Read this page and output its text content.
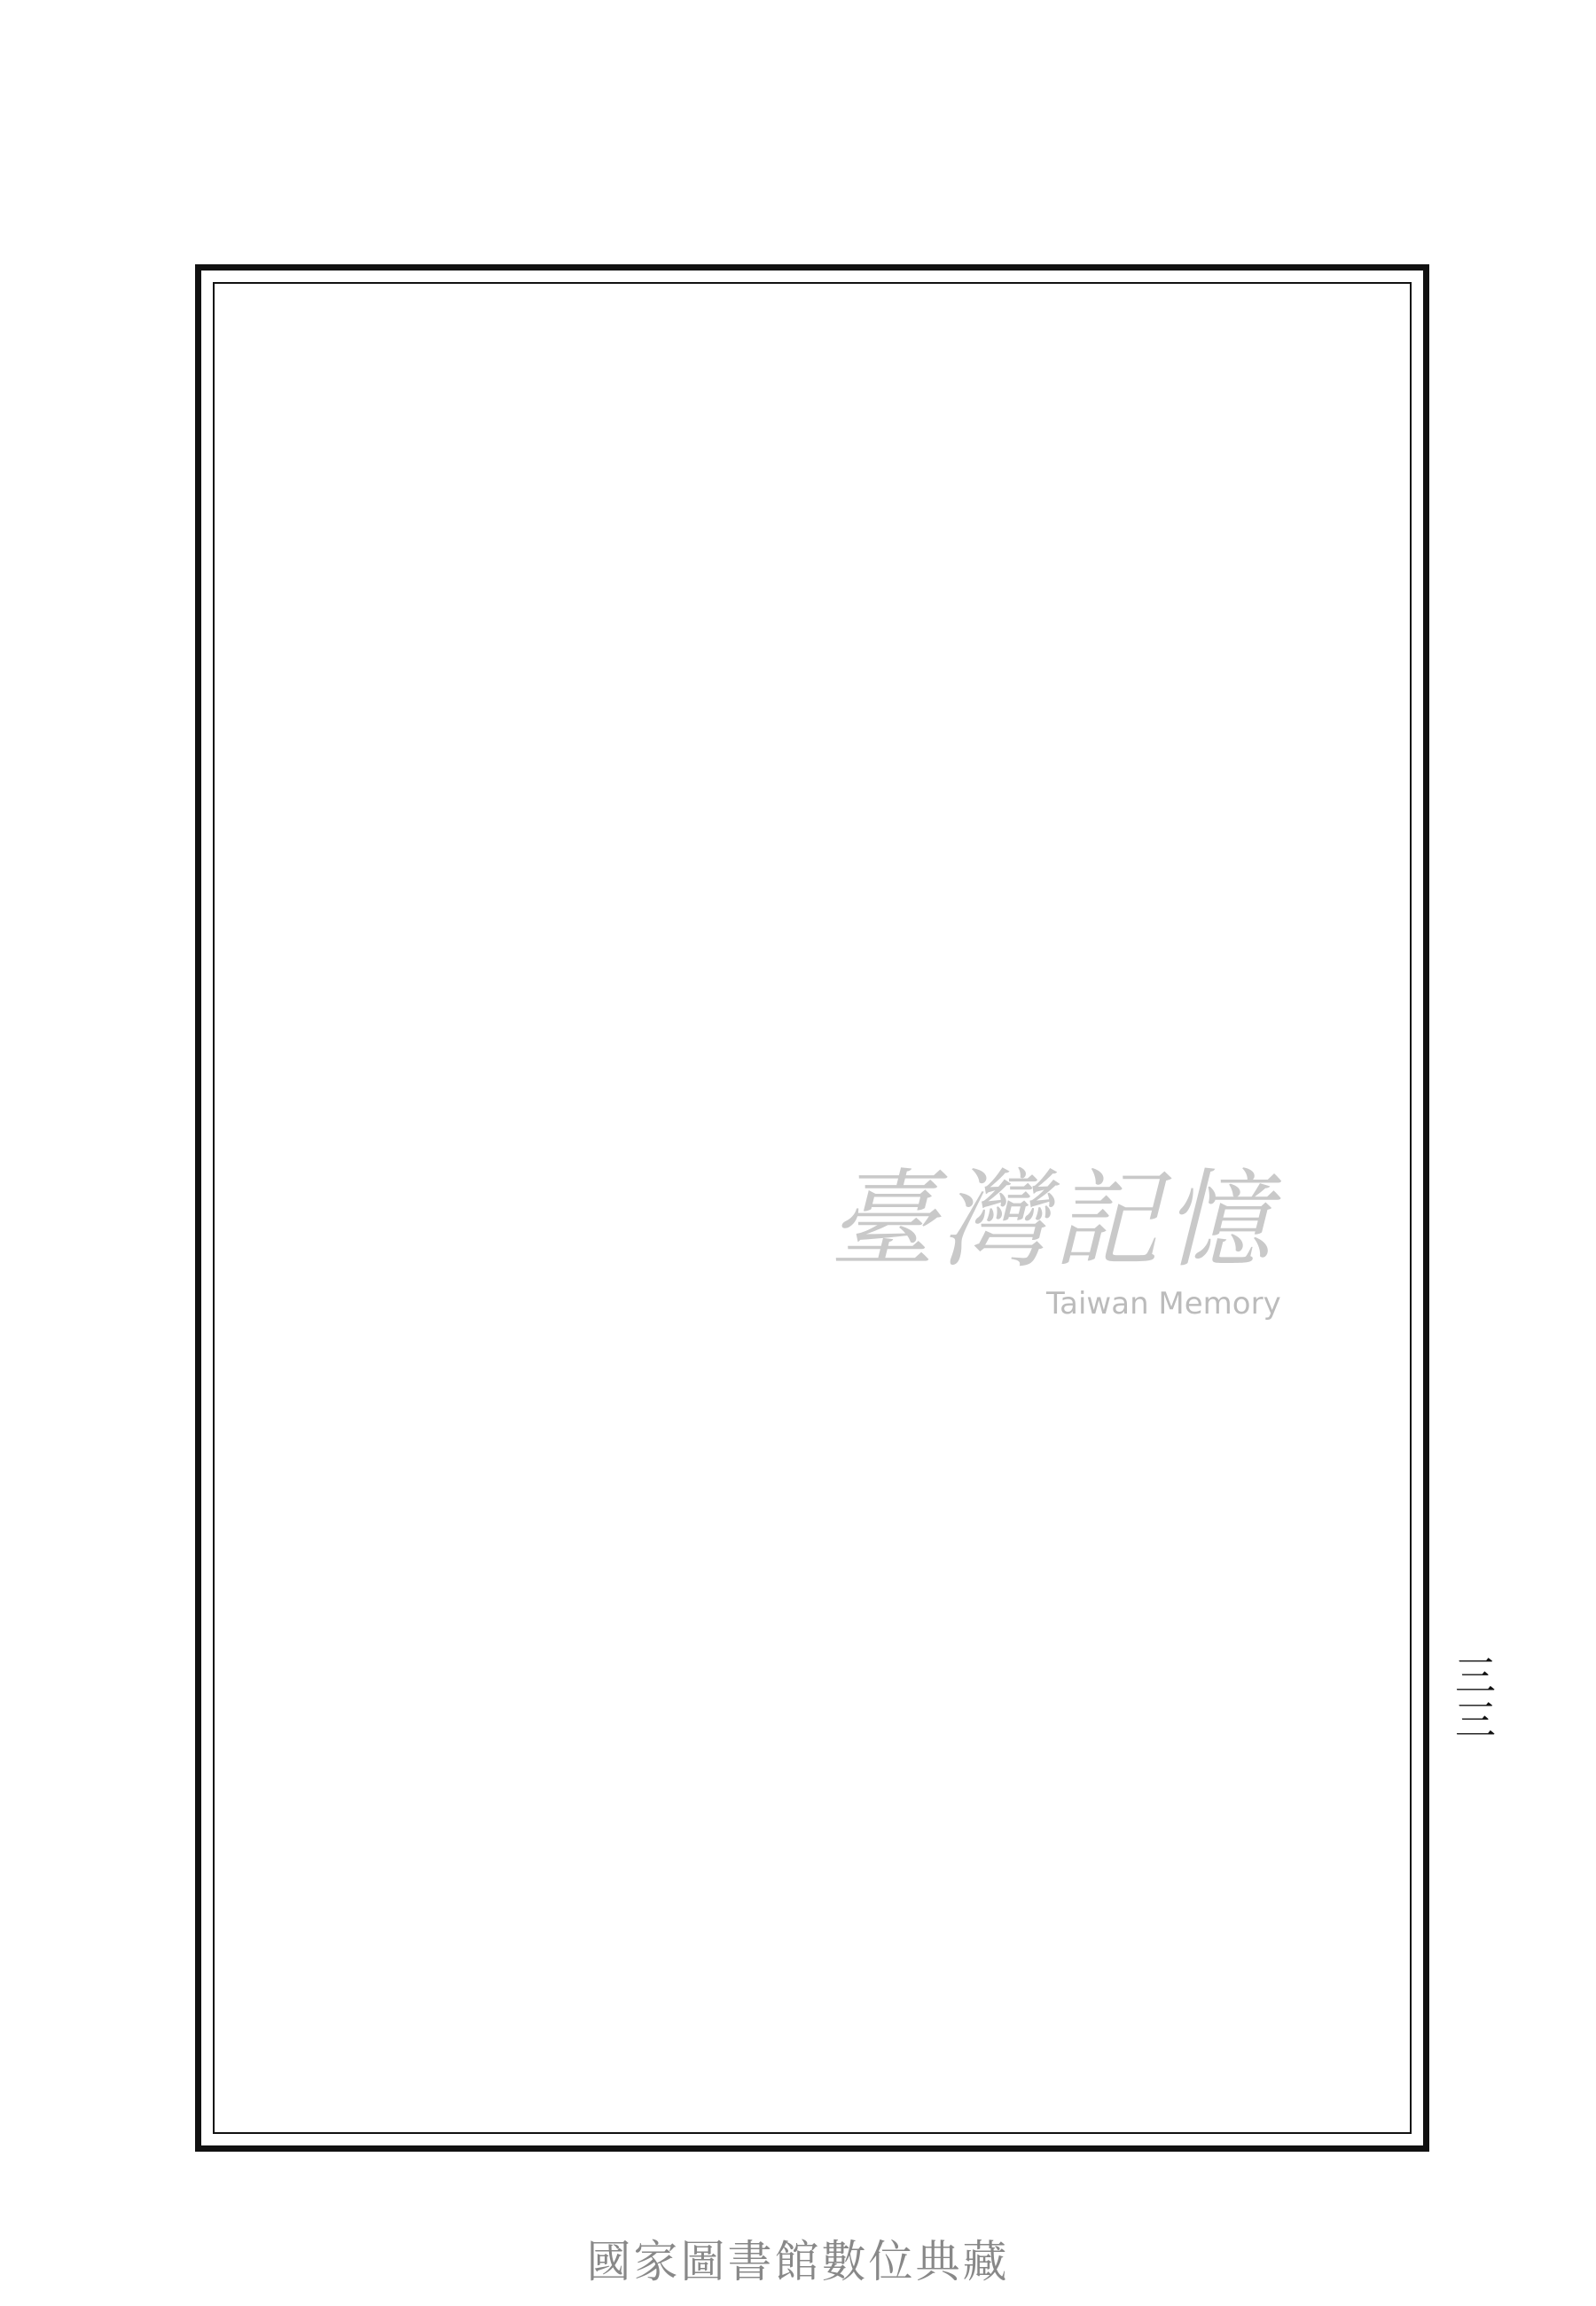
三三
臺灣記憶
Taiwan Memory
國家圖書館數位典藏
